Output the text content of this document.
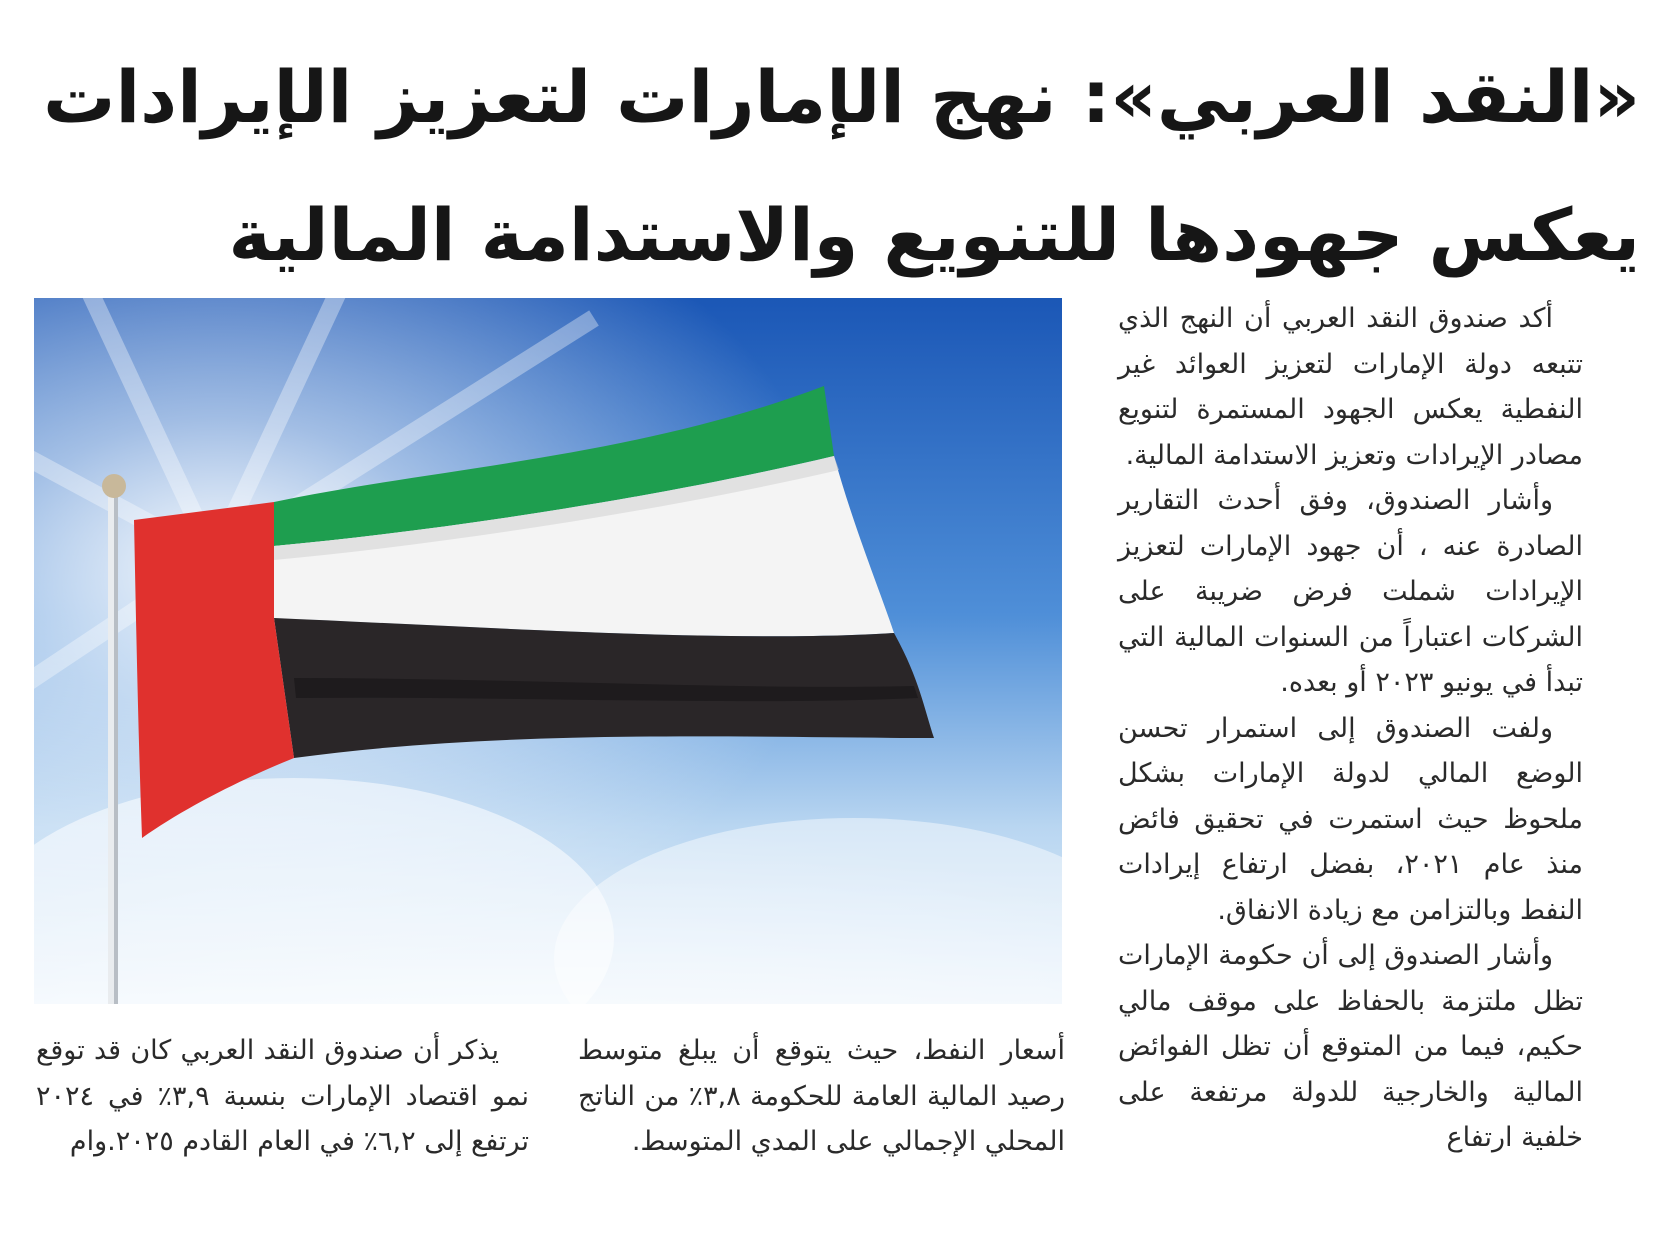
«النقد العربي»: نهج الإمارات لتعزيز الإيرادات يعكس جهودها للتنويع والاستدامة المالية

أكد صندوق النقد العربي أن النهج الذي تتبعه دولة الإمارات لتعزيز العوائد غير النفطية يعكس الجهود المستمرة لتنويع مصادر الإيرادات وتعزيز الاستدامة المالية.

وأشار الصندوق، وفق أحدث التقارير الصادرة عنه ، أن جهود الإمارات لتعزيز الإيرادات شملت فرض ضريبة على الشركات اعتباراً من السنوات المالية التي تبدأ في يونيو ٢٠٢٣ أو بعده.

ولفت الصندوق إلى استمرار تحسن الوضع المالي لدولة الإمارات بشكل ملحوظ حيث استمرت في تحقيق فائض منذ عام ٢٠٢١، بفضل ارتفاع إيرادات النفط وبالتزامن مع زيادة الانفاق.

وأشار الصندوق إلى أن حكومة الإمارات تظل ملتزمة بالحفاظ على موقف مالي حكيم، فيما من المتوقع أن تظل الفوائض المالية والخارجية للدولة مرتفعة على خلفية ارتفاع

أسعار النفط، حيث يتوقع أن يبلغ متوسط رصيد المالية العامة للحكومة ٣,٨٪ من الناتج المحلي الإجمالي على المدي المتوسط.

يذكر أن صندوق النقد العربي كان قد توقع نمو اقتصاد الإمارات بنسبة ٣,٩٪ في ٢٠٢٤ ترتفع إلى ٦,٢٪ في العام القادم ٢٠٢٥.وام
